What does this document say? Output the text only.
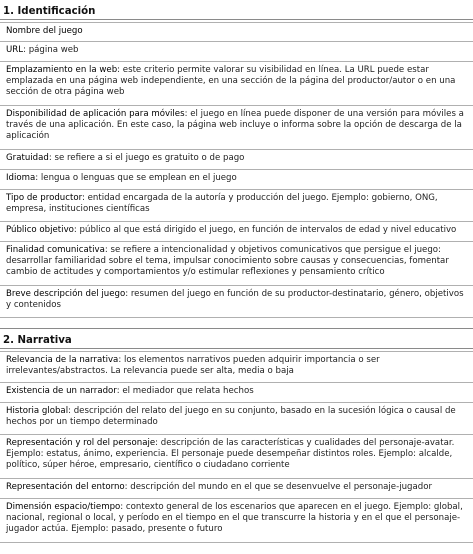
1. Identificación
Nombre del juego
URL: página web
Emplazamiento en la web: este criterio permite valorar su visibilidad en línea. La URL puede estar emplazada en una página web independiente, en una sección de la página del productor/autor o en una sección de otra página web
Disponibilidad de aplicación para móviles: el juego en línea puede disponer de una versión para móviles a través de una aplicación. En este caso, la página web incluye o informa sobre la opción de descarga de la aplicación
Gratuidad: se refiere a si el juego es gratuito o de pago
Idioma: lengua o lenguas que se emplean en el juego
Tipo de productor: entidad encargada de la autoría y producción del juego. Ejemplo: gobierno, ONG, empresa, instituciones científicas
Público objetivo: público al que está dirigido el juego, en función de intervalos de edad y nivel educativo
Finalidad comunicativa: se refiere a intencionalidad y objetivos comunicativos que persigue el juego: desarrollar familiaridad sobre el tema, impulsar conocimiento sobre causas y consecuencias, fomentar cambio de actitudes y comportamientos y/o estimular reflexiones y pensamiento crítico
Breve descripción del juego: resumen del juego en función de su productor-destinatario, género, objetivos y contenidos
2. Narrativa
Relevancia de la narrativa: los elementos narrativos pueden adquirir importancia o ser irrelevantes/abstractos. La relevancia puede ser alta, media o baja
Existencia de un narrador: el mediador que relata hechos
Historia global: descripción del relato del juego en su conjunto, basado en la sucesión lógica o causal de hechos por un tiempo determinado
Representación y rol del personaje: descripción de las características y cualidades del personaje-avatar. Ejemplo: estatus, ánimo, experiencia. El personaje puede desempeñar distintos roles. Ejemplo: alcalde, político, súper héroe, empresario, científico o ciudadano corriente
Representación del entorno: descripción del mundo en el que se desenvuelve el personaje-jugador
Dimensión espacio/tiempo: contexto general de los escenarios que aparecen en el juego. Ejemplo: global, nacional, regional o local, y período en el tiempo en el que transcurre la historia y en el que el personaje-jugador actúa. Ejemplo: pasado, presente o futuro
